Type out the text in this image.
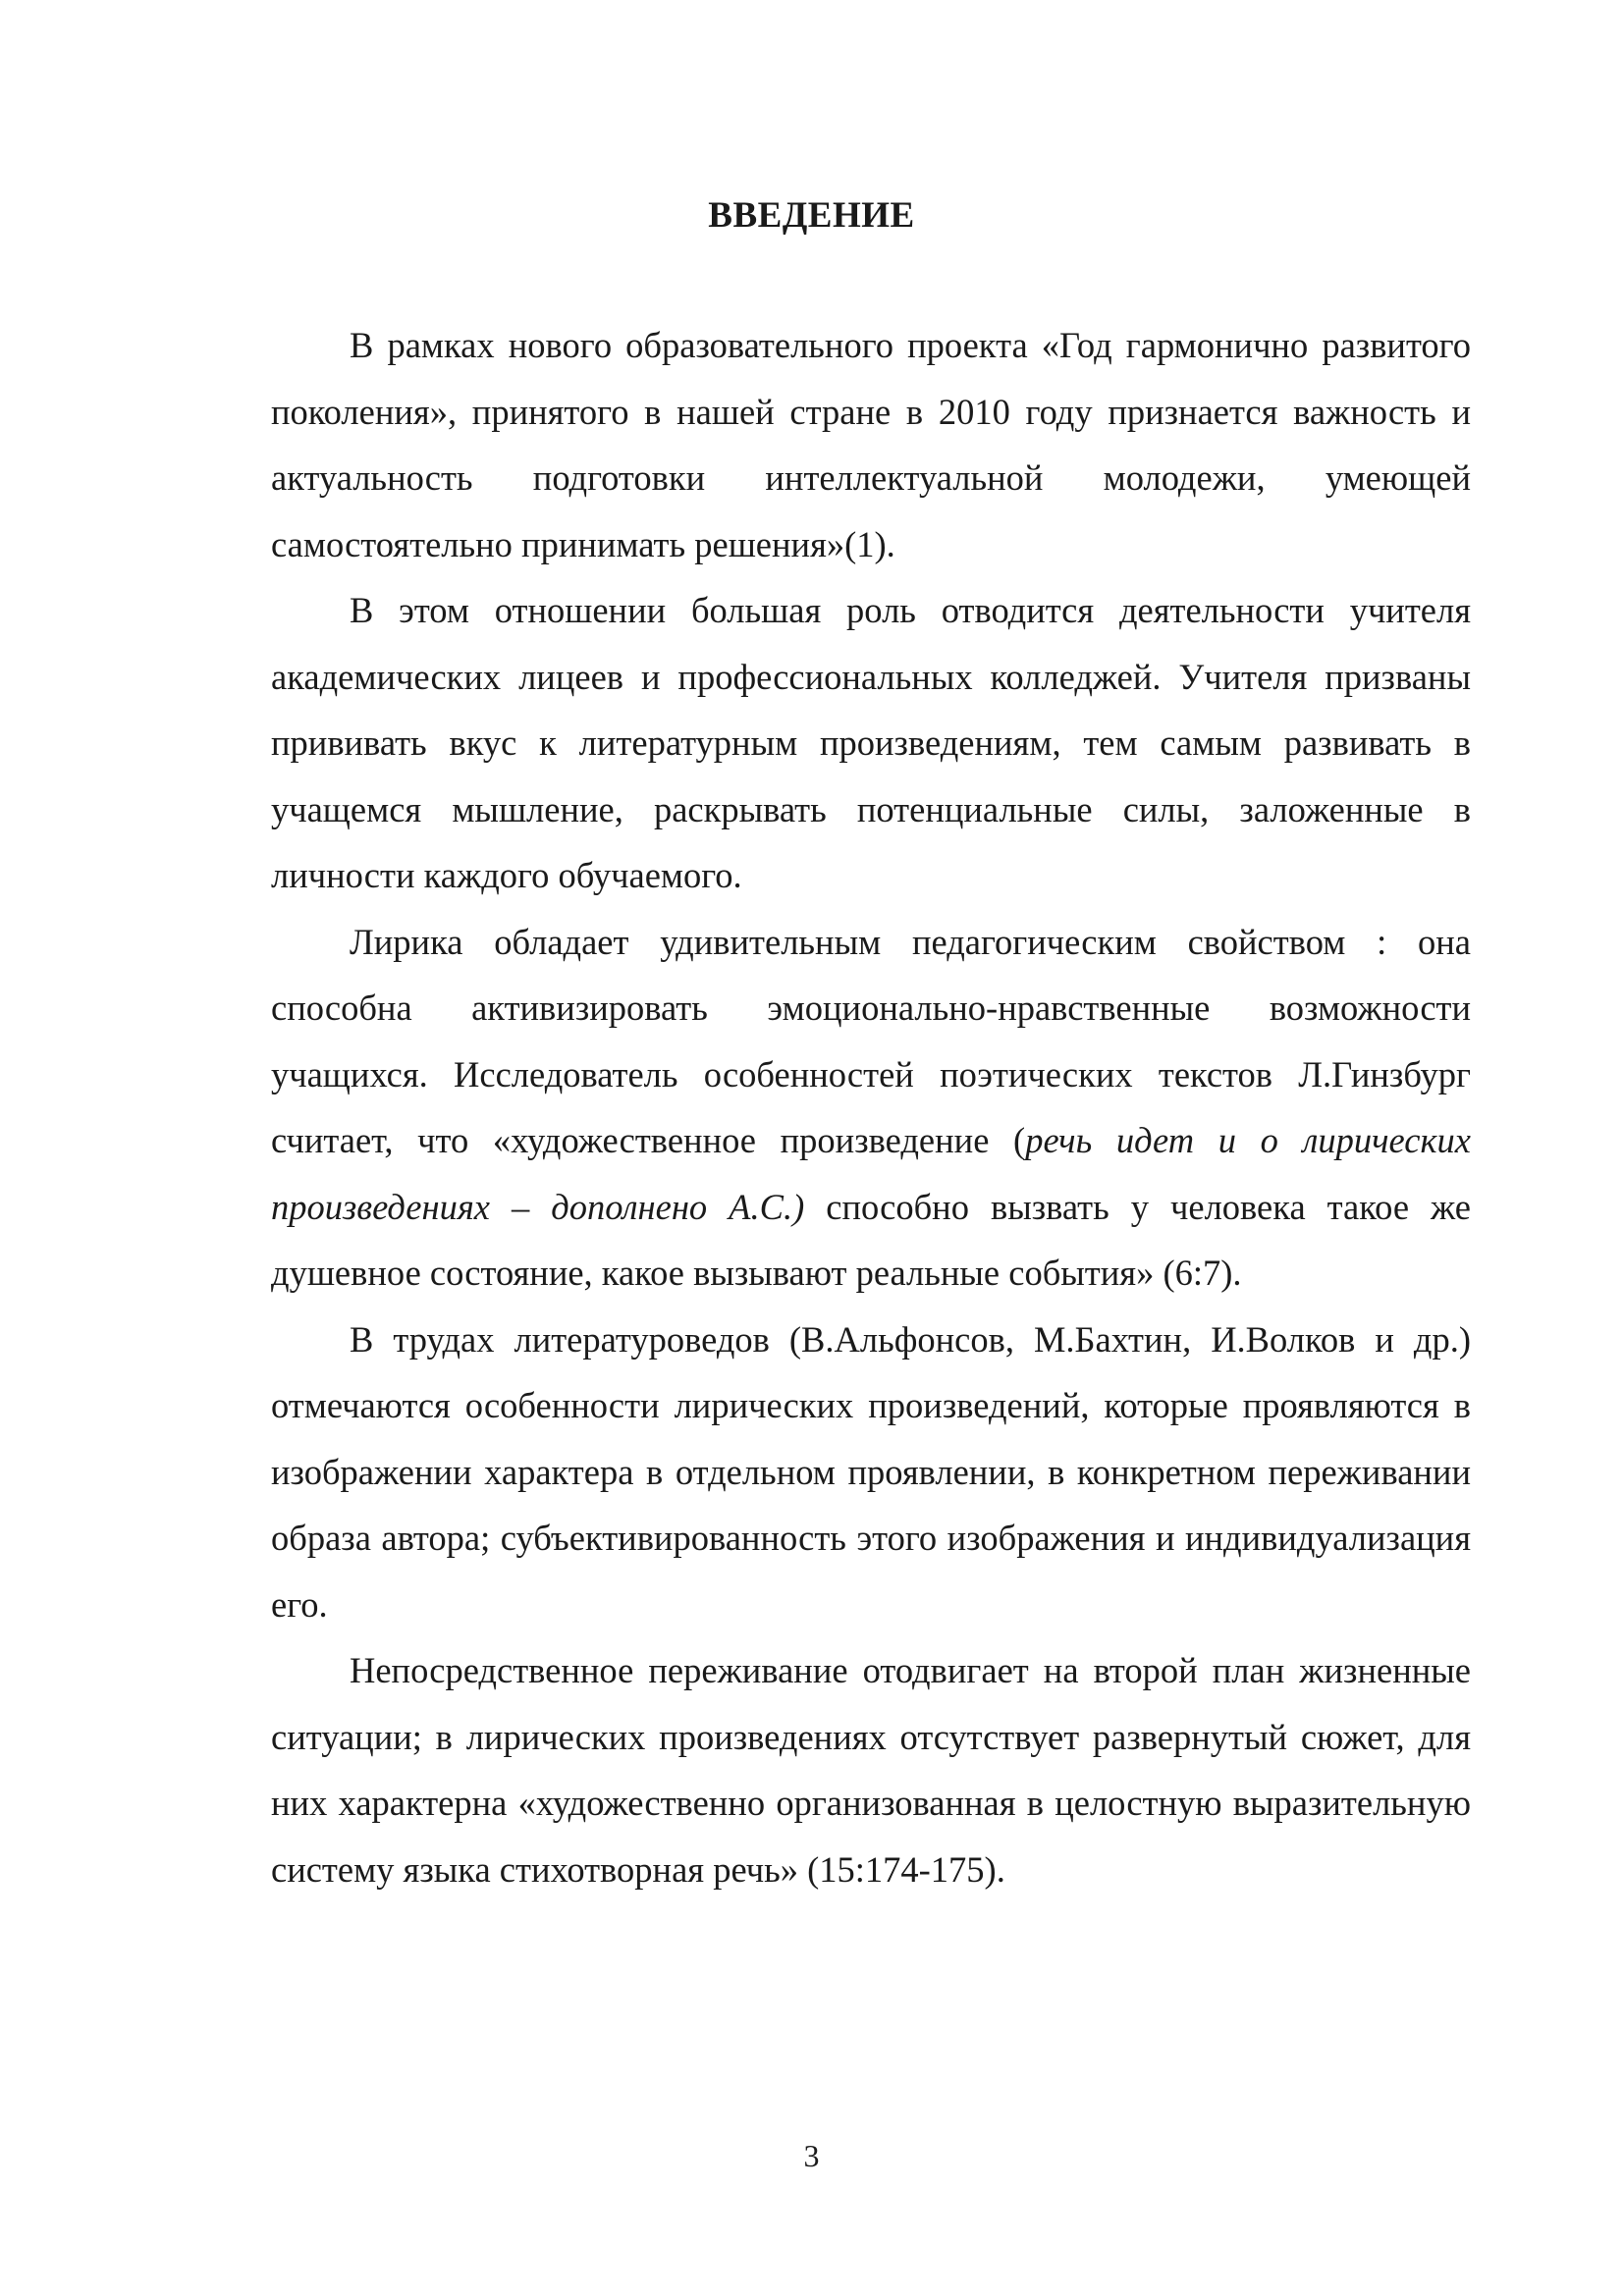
ВВЕДЕНИЕ

В рамках нового образовательного проекта «Год гармонично развитого поколения», принятого в нашей стране в 2010 году признается важность и актуальность подготовки интеллектуальной молодежи, умеющей самостоятельно принимать решения»(1).

В этом отношении большая роль отводится деятельности учителя академических лицеев и профессиональных колледжей. Учителя призваны прививать вкус к литературным произведениям, тем самым развивать в учащемся мышление, раскрывать потенциальные силы, заложенные в личности каждого обучаемого.

Лирика обладает удивительным педагогическим свойством : она способна активизировать эмоционально-нравственные возможности учащихся. Исследователь особенностей поэтических текстов Л.Гинзбург считает, что «художественное произведение (речь идет и о лирических произведениях – дополнено А.С.) способно вызвать у человека такое же душевное состояние, какое вызывают реальные события» (6:7).

В трудах литературоведов (В.Альфонсов, М.Бахтин, И.Волков и др.) отмечаются особенности лирических произведений, которые проявляются в изображении характера в отдельном проявлении, в конкретном переживании образа автора; субъективированность этого изображения и индивидуализация его.

Непосредственное переживание отодвигает на второй план жизненные ситуации; в лирических произведениях отсутствует развернутый сюжет, для них характерна «художественно организованная в целостную выразительную систему языка стихотворная речь» (15:174-175).

3
